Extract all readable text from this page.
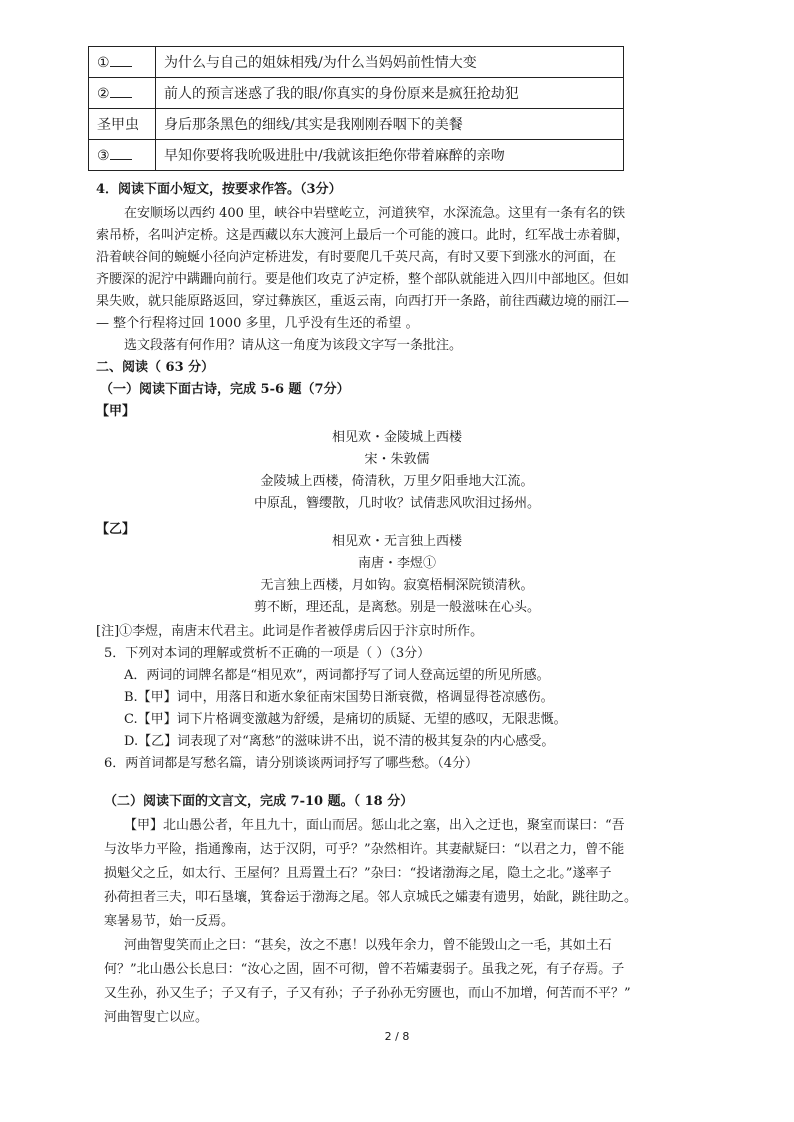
①	为什么与自己的姐妹相残/为什么当妈妈前性情大变
②	前人的预言迷惑了我的眼/你真实的身份原来是疯狂抢劫犯
圣甲虫	身后那条黑色的细线/其实是我刚刚吞咽下的美餐
③	早知你要将我吮吸进肚中/我就该拒绝你带着麻醉的亲吻
4．阅读下面小短文，按要求作答。（3分）
在安顺场以西约 400 里，峡谷中岩壁屹立，河道狭窄，水深流急。这里有一条有名的铁
索吊桥，名叫泸定桥。这是西藏以东大渡河上最后一个可能的渡口。此时，红军战士赤着脚，
沿着峡谷间的蜿蜒小径向泸定桥进发，有时要爬几千英尺高，有时又要下到涨水的河面，在
齐腰深的泥泞中蹒跚向前行。要是他们攻克了泸定桥，整个部队就能进入四川中部地区。但如
果失败，就只能原路返回，穿过彝族区，重返云南，向西打开一条路，前往西藏边境的丽江—
— 整个行程将过回 1000 多里，几乎没有生还的希望 。
选文段落有何作用？请从这一角度为该段文字写一条批注。
二、阅读（ 63 分）
（一）阅读下面古诗，完成 5-6 题（7分）
【甲】
相见欢・金陵城上西楼
宋・朱敦儒
金陵城上西楼，倚清秋，万里夕阳垂地大江流。
中原乱，簪缨散，几时收？试倩悲风吹泪过扬州。
【乙】
相见欢・无言独上西楼
南唐・李煜①
无言独上西楼，月如钩。寂寞梧桐深院锁清秋。
剪不断，理还乱，是离愁。别是一般滋味在心头。
[注]①李煜，南唐末代君主。此词是作者被俘虏后囚于汴京时所作。
5．下列对本词的理解或赏析不正确的一项是（ ）（3分）
A．两词的词牌名都是“相见欢”，两词都抒写了词人登高远望的所见所感。
B.【甲】词中，用落日和逝水象征南宋国势日渐衰微，格调显得苍凉感伤。
C.【甲】词下片格调变激越为舒缓，是痛切的质疑、无望的感叹，无限悲慨。
D.【乙】词表现了对“离愁”的滋味讲不出，说不清的极其复杂的内心感受。
6．两首词都是写愁名篇，请分别谈谈两词抒写了哪些愁。（4分）
（二）阅读下面的文言文，完成 7-10 题。（ 18 分）
【甲】北山愚公者，年且九十，面山而居。惩山北之塞，出入之迂也，聚室而谋曰：“吾
与汝毕力平险，指通豫南，达于汉阴，可乎？”杂然相许。其妻献疑曰：“以君之力，曾不能
损魁父之丘，如太行、王屋何？且焉置土石？”杂曰：“投诸渤海之尾，隐土之北。”遂率子
孙荷担者三夫，叩石垦壤，箕畚运于渤海之尾。邻人京城氏之孀妻有遗男，始龀，跳往助之。
寒暑易节，始一反焉。
河曲智叟笑而止之曰：“甚矣，汝之不惠！以残年余力，曾不能毁山之一毛，其如土石
何？”北山愚公长息曰：“汝心之固，固不可彻，曾不若孀妻弱子。虽我之死，有子存焉。子
又生孙，孙又生子；子又有子，子又有孙；子子孙孙无穷匮也，而山不加增，何苦而不平？”
河曲智叟亡以应。
2 / 8
